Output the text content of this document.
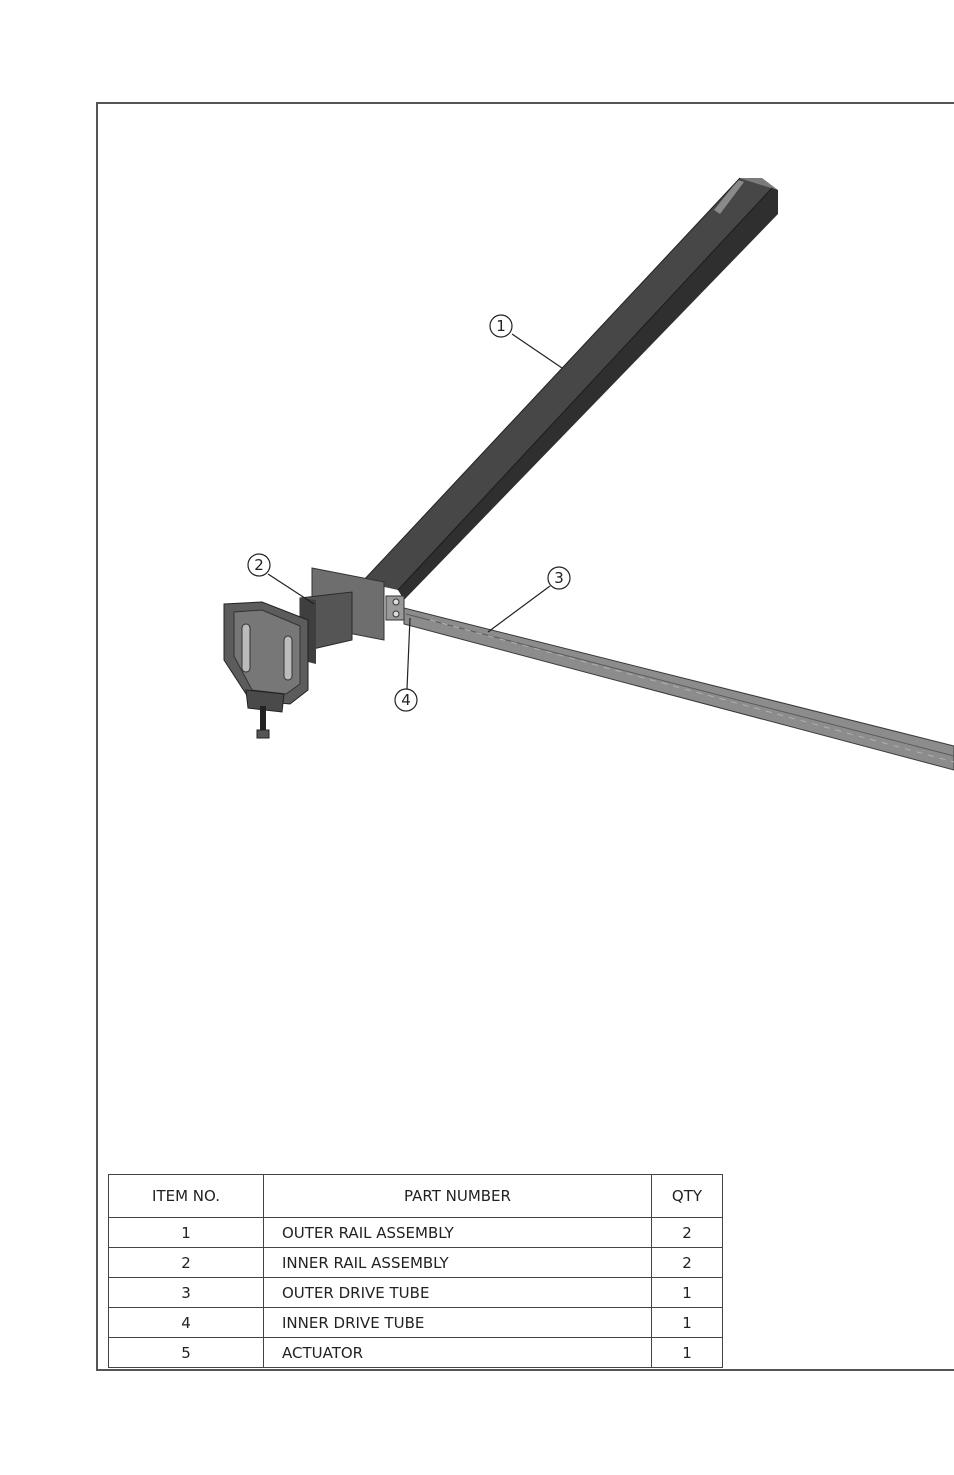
1
2
3
4
ITEM NO.	PART NUMBER	QTY
1	OUTER RAIL ASSEMBLY	2
2	INNER RAIL ASSEMBLY	2
3	OUTER DRIVE TUBE	1
4	INNER DRIVE TUBE	1
5	ACTUATOR	1
